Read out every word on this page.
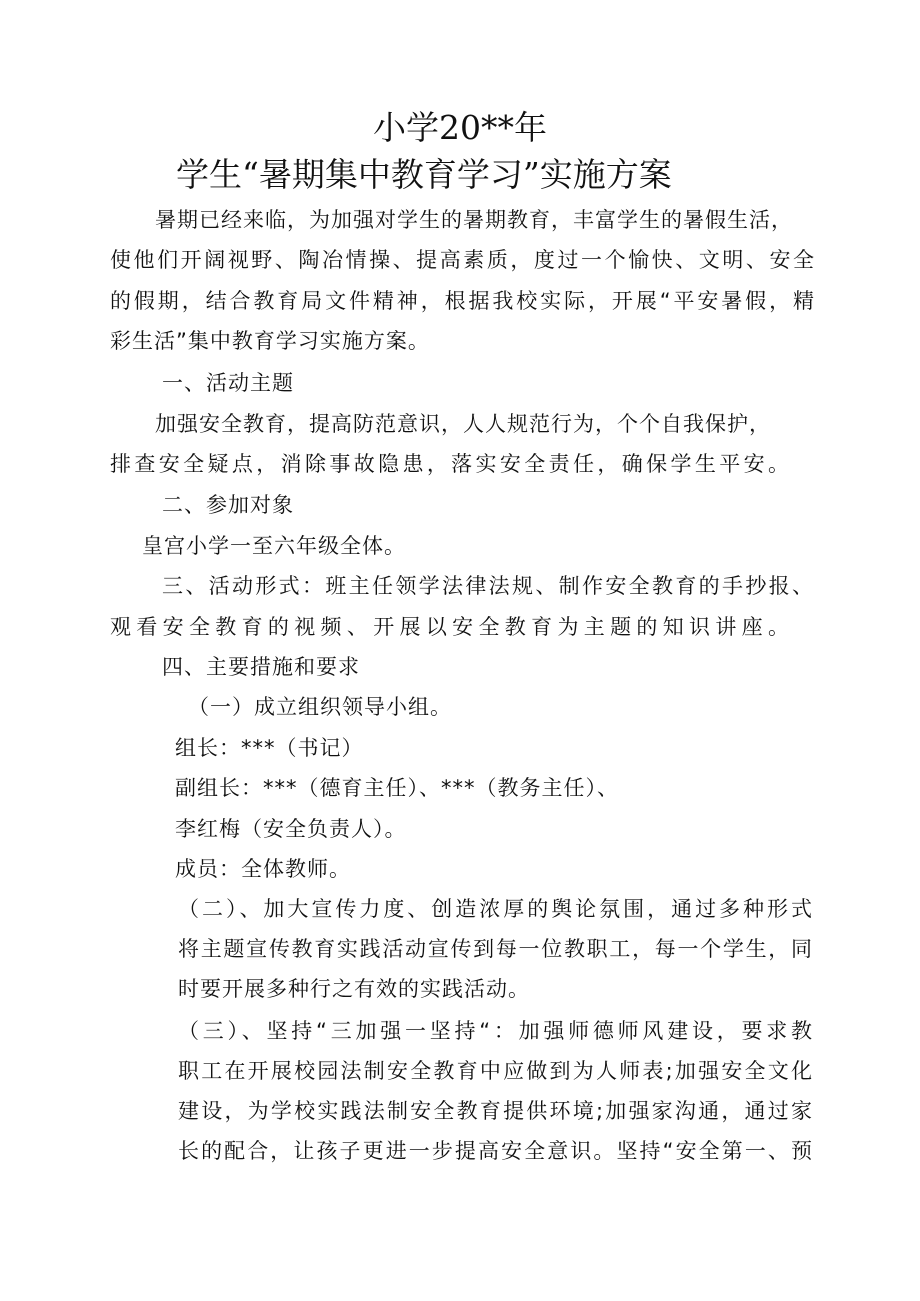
小学20**年
学生“暑期集中教育学习”实施方案
暑期已经来临，为加强对学生的暑期教育，丰富学生的暑假生活，
使他们开阔视野、陶冶情操、提高素质，度过一个愉快、文明、安全
的假期，结合教育局文件精神，根据我校实际，开展“平安暑假，精
彩生活”集中教育学习实施方案。
一、活动主题
加强安全教育，提高防范意识，人人规范行为，个个自我保护，
排查安全疑点，消除事故隐患，落实安全责任，确保学生平安。
二、参加对象
皇宫小学一至六年级全体。
三、活动形式：班主任领学法律法规、制作安全教育的手抄报、
观看安全教育的视频、开展以安全教育为主题的知识讲座。
四、主要措施和要求
（一）成立组织领导小组。
组长：***（书记）
副组长：***（德育主任）、***（教务主任）、
李红梅（安全负责人）。
成员：全体教师。
（二）、加大宣传力度、创造浓厚的舆论氛围，通过多种形式
将主题宣传教育实践活动宣传到每一位教职工，每一个学生，同
时要开展多种行之有效的实践活动。
（三）、坚持“三加强一坚持“：加强师德师风建设，要求教
职工在开展校园法制安全教育中应做到为人师表;加强安全文化
建设，为学校实践法制安全教育提供环境;加强家沟通，通过家
长的配合，让孩子更进一步提高安全意识。坚持“安全第一、预
